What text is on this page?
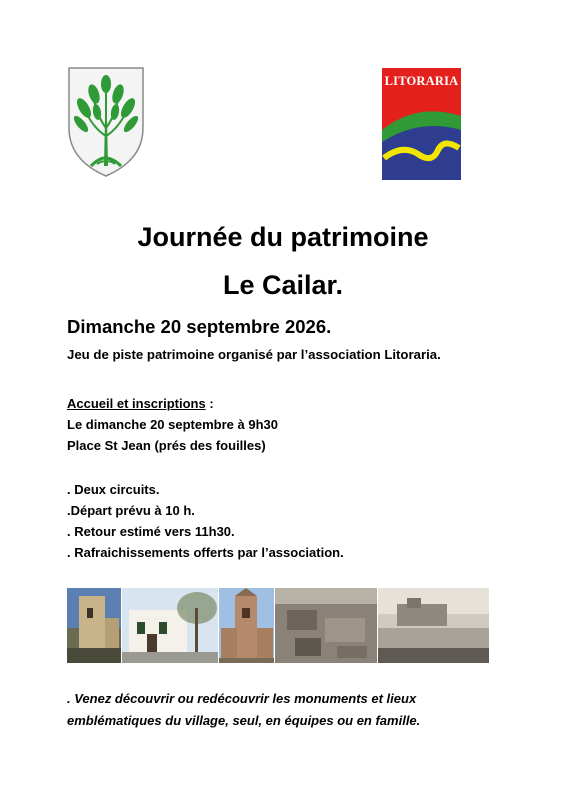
LITORARIA
Journée du patrimoine
Le Cailar.
Dimanche 20 septembre 2026.
Jeu de piste patrimoine organisé par l’association Litoraria.
Accueil et inscriptions :
Le dimanche 20 septembre à 9h30
Place St Jean (prés des fouilles)
. Deux circuits.
.Départ prévu à 10 h.
. Retour estimé vers 11h30.
. Rafraichissements offerts par l’association.
. Venez découvrir ou redécouvrir les monuments et lieux
emblématiques du village, seul, en équipes ou en famille.
